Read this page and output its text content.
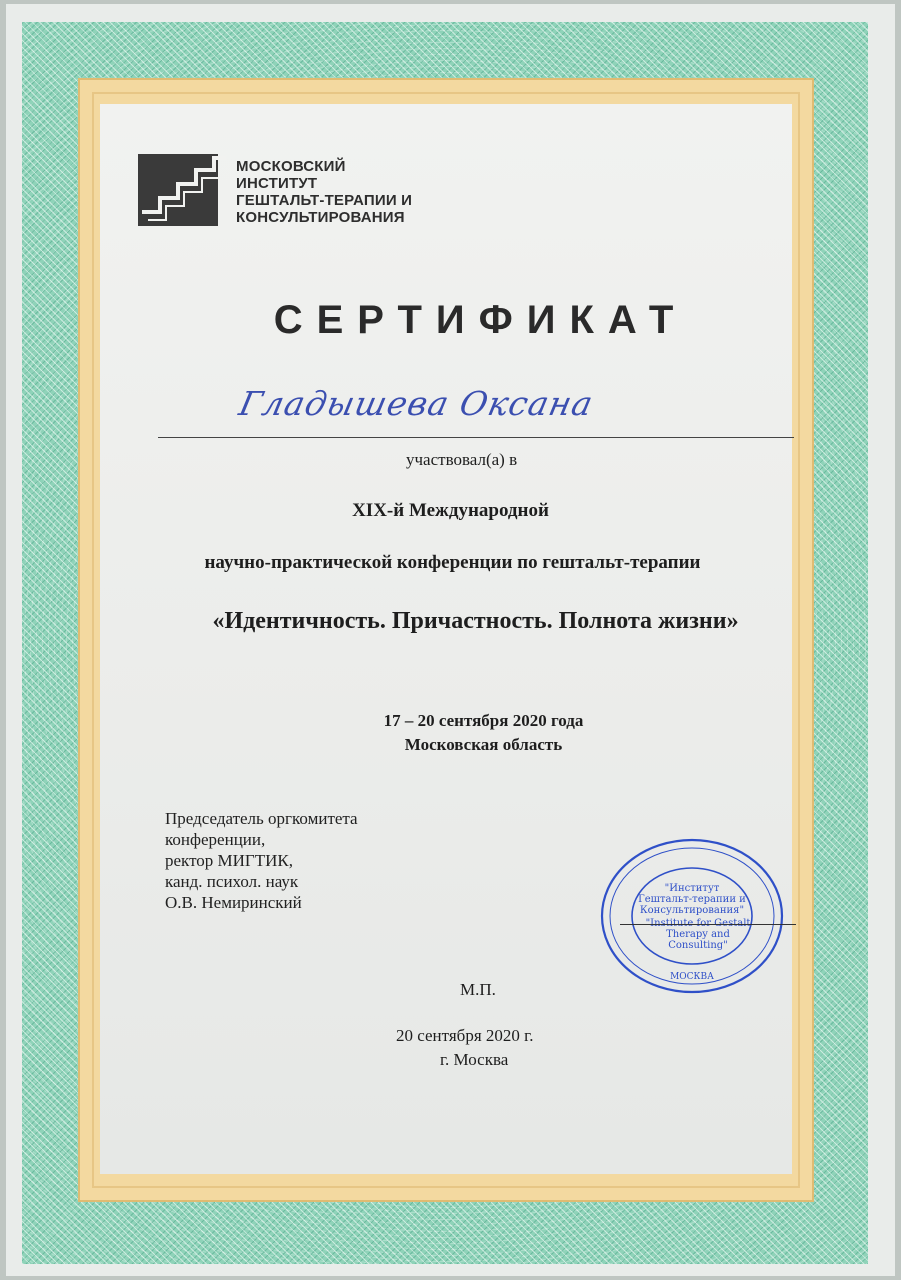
МОСКОВСКИЙ
ИНСТИТУТ
ГЕШТАЛЬТ-ТЕРАПИИ И
КОНСУЛЬТИРОВАНИЯ
СЕРТИФИКАТ
Гладышева Оксана
участвовал(а) в
XIX-й Международной
научно-практической конференции по гештальт-терапии
«Идентичность. Причастность. Полнота жизни»
17 – 20 сентября 2020 года
Московская область
Председатель оргкомитета
конференции,
ректор МИГТИК,
канд. психол. наук
О.В. Немиринский
"Институт
Гештальт-терапии и
Консультирования"
"Institute for Gestalt
Therapy and
Consulting"
МОСКВА
М.П.
20 сентября 2020 г.
г. Москва
